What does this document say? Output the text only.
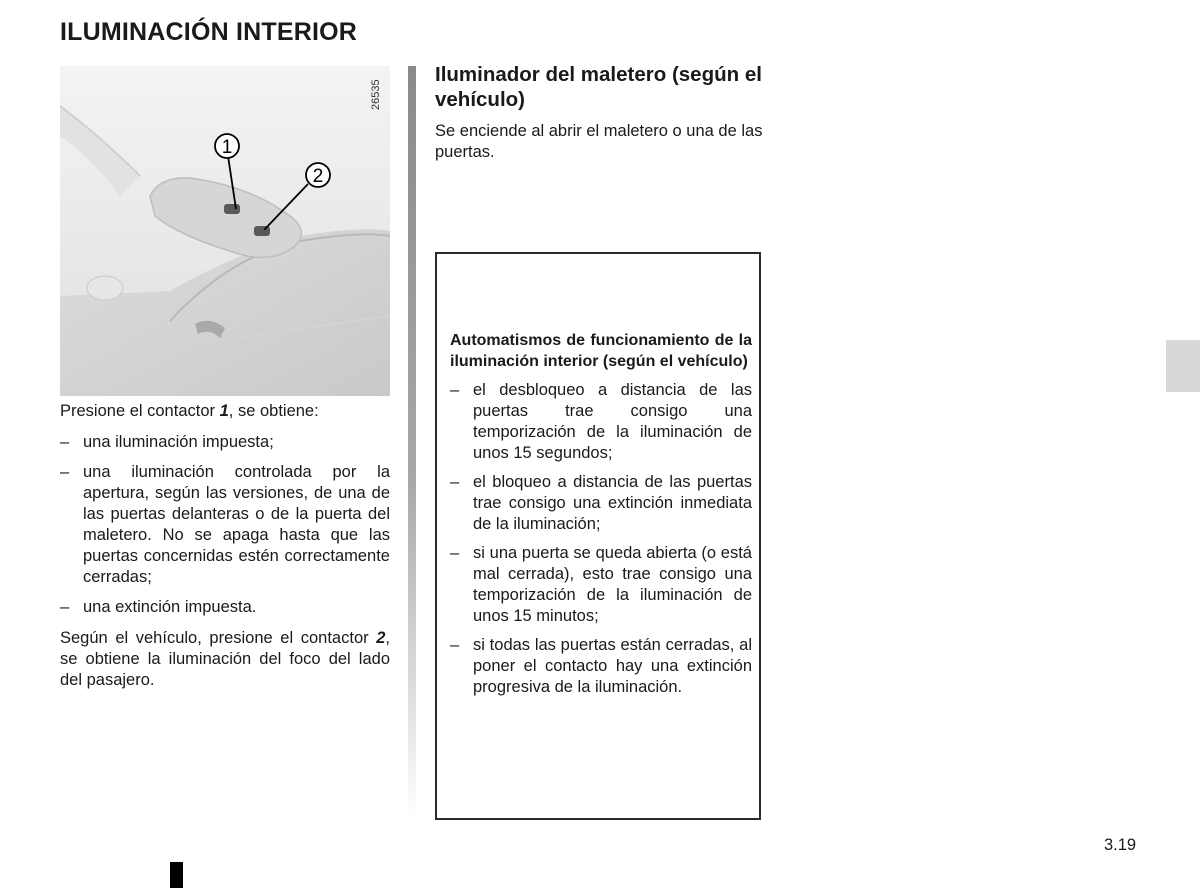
ILUMINACIÓN INTERIOR
1
2
26535

Presione el contactor 1, se obtiene:

– una iluminación impuesta;
– una iluminación controlada por la apertura, según las versiones, de una de las puertas delanteras o de la puerta del maletero. No se apaga hasta que las puertas concernidas estén correctamente cerradas;
– una extinción impuesta.

Según el vehículo, presione el contactor 2, se obtiene la iluminación del foco del lado del pasajero.

Iluminador del maletero (según el vehículo)

Se enciende al abrir el maletero o una de las puertas.

Automatismos de funcionamiento de la iluminación interior (según el vehículo)

– el desbloqueo a distancia de las puertas trae consigo una temporización de la iluminación de unos 15 segundos;
– el bloqueo a distancia de las puertas trae consigo una extinción inmediata de la iluminación;
– si una puerta se queda abierta (o está mal cerrada), esto trae consigo una temporización de la iluminación de unos 15 minutos;
– si todas las puertas están cerradas, al poner el contacto hay una extinción progresiva de la iluminación.
3.19
